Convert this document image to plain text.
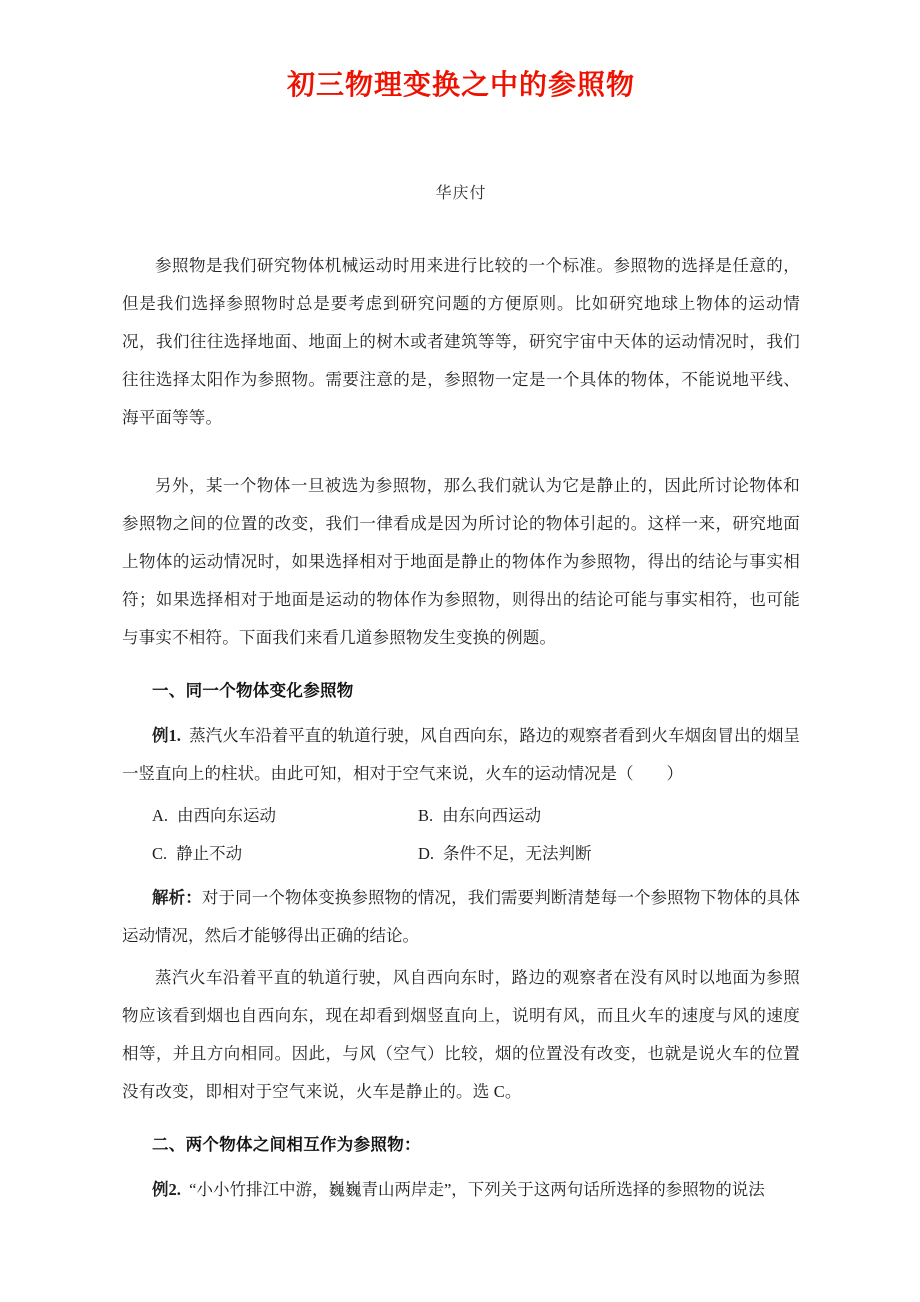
初三物理变换之中的参照物
华庆付

参照物是我们研究物体机械运动时用来进行比较的一个标准。参照物的选择是任意的，但是我们选择参照物时总是要考虑到研究问题的方便原则。比如研究地球上物体的运动情况，我们往往选择地面、地面上的树木或者建筑等等，研究宇宙中天体的运动情况时，我们往往选择太阳作为参照物。需要注意的是，参照物一定是一个具体的物体，不能说地平线、海平面等等。

另外，某一个物体一旦被选为参照物，那么我们就认为它是静止的，因此所讨论物体和参照物之间的位置的改变，我们一律看成是因为所讨论的物体引起的。这样一来，研究地面上物体的运动情况时，如果选择相对于地面是静止的物体作为参照物，得出的结论与事实相符；如果选择相对于地面是运动的物体作为参照物，则得出的结论可能与事实相符，也可能与事实不相符。下面我们来看几道参照物发生变换的例题。

一、同一个物体变化参照物

例1. 蒸汽火车沿着平直的轨道行驶，风自西向东，路边的观察者看到火车烟囱冒出的烟呈一竖直向上的柱状。由此可知，相对于空气来说，火车的运动情况是（　　）

A. 由西向东运动	B. 由东向西运动
C. 静止不动	D. 条件不足，无法判断

解析：对于同一个物体变换参照物的情况，我们需要判断清楚每一个参照物下物体的具体运动情况，然后才能够得出正确的结论。

蒸汽火车沿着平直的轨道行驶，风自西向东时，路边的观察者在没有风时以地面为参照物应该看到烟也自西向东，现在却看到烟竖直向上，说明有风，而且火车的速度与风的速度相等，并且方向相同。因此，与风（空气）比较，烟的位置没有改变，也就是说火车的位置没有改变，即相对于空气来说，火车是静止的。选 C。

二、两个物体之间相互作为参照物：

例2. “小小竹排江中游，巍巍青山两岸走”，下列关于这两句话所选择的参照物的说法
